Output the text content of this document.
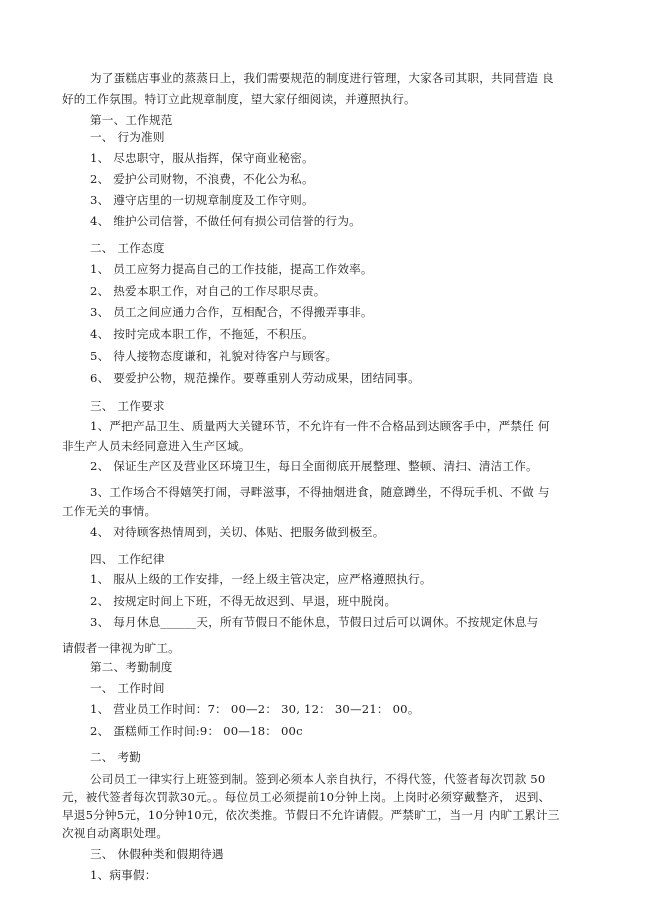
为了蛋糕店事业的蒸蒸日上，我们需要规范的制度进行管理，大家各司其职，共同营造 良
好的工作氛围。特订立此规章制度，望大家仔细阅读，并遵照执行。
第一、工作规范
一、 行为准则
1、 尽忠职守，服从指挥，保守商业秘密。
2、 爱护公司财物，不浪费，不化公为私。
3、 遵守店里的一切规章制度及工作守则。
4、 维护公司信誉，不做任何有损公司信誉的行为。
二、 工作态度
1、 员工应努力提高自己的工作技能，提高工作效率。
2、 热爱本职工作，对自己的工作尽职尽责。
3、 员工之间应通力合作，互相配合，不得搬弄事非。
4、 按时完成本职工作，不拖延，不积压。
5、 待人接物态度谦和，礼貌对待客户与顾客。
6、 要爱护公物，规范操作。要尊重别人劳动成果，团结同事。
三、 工作要求
1、严把产品卫生、质量两大关键环节，不允许有一件不合格品到达顾客手中，严禁任 何
非生产人员未经同意进入生产区域。
2、 保证生产区及营业区环境卫生，每日全面彻底开展整理、整顿、清扫、清洁工作。
3、工作场合不得嬉笑打闹，寻畔滋事，不得抽烟进食，随意蹲坐，不得玩手机、不做 与
工作无关的事情。
4、 对待顾客热情周到，关切、体贴、把服务做到极至。
四、 工作纪律
1、 服从上级的工作安排，一经上级主管决定，应严格遵照执行。
2、 按规定时间上下班，不得无故迟到、早退，班中脱岗。
3、 每月休息______天，所有节假日不能休息，节假日过后可以调休。不按规定休息与
请假者一律视为旷工。
第二、考勤制度
一、 工作时间
1、 营业员工作时间：7： 00—2： 30, 12： 30—21： 00。
2、 蛋糕师工作时间:9： 00—18： 00c
二、 考勤
公司员工一律实行上班签到制。签到必须本人亲自执行，不得代签，代签者每次罚款 50
元，被代签者每次罚款30元。。每位员工必须提前10分钟上岗。上岗时必须穿戴整齐， 迟到、
早退5分钟5元，10分钟10元，依次类推。节假日不允许请假。严禁旷工，当一月 内旷工累计三
次视自动离职处理。
三、 休假种类和假期待遇
1、病事假：
